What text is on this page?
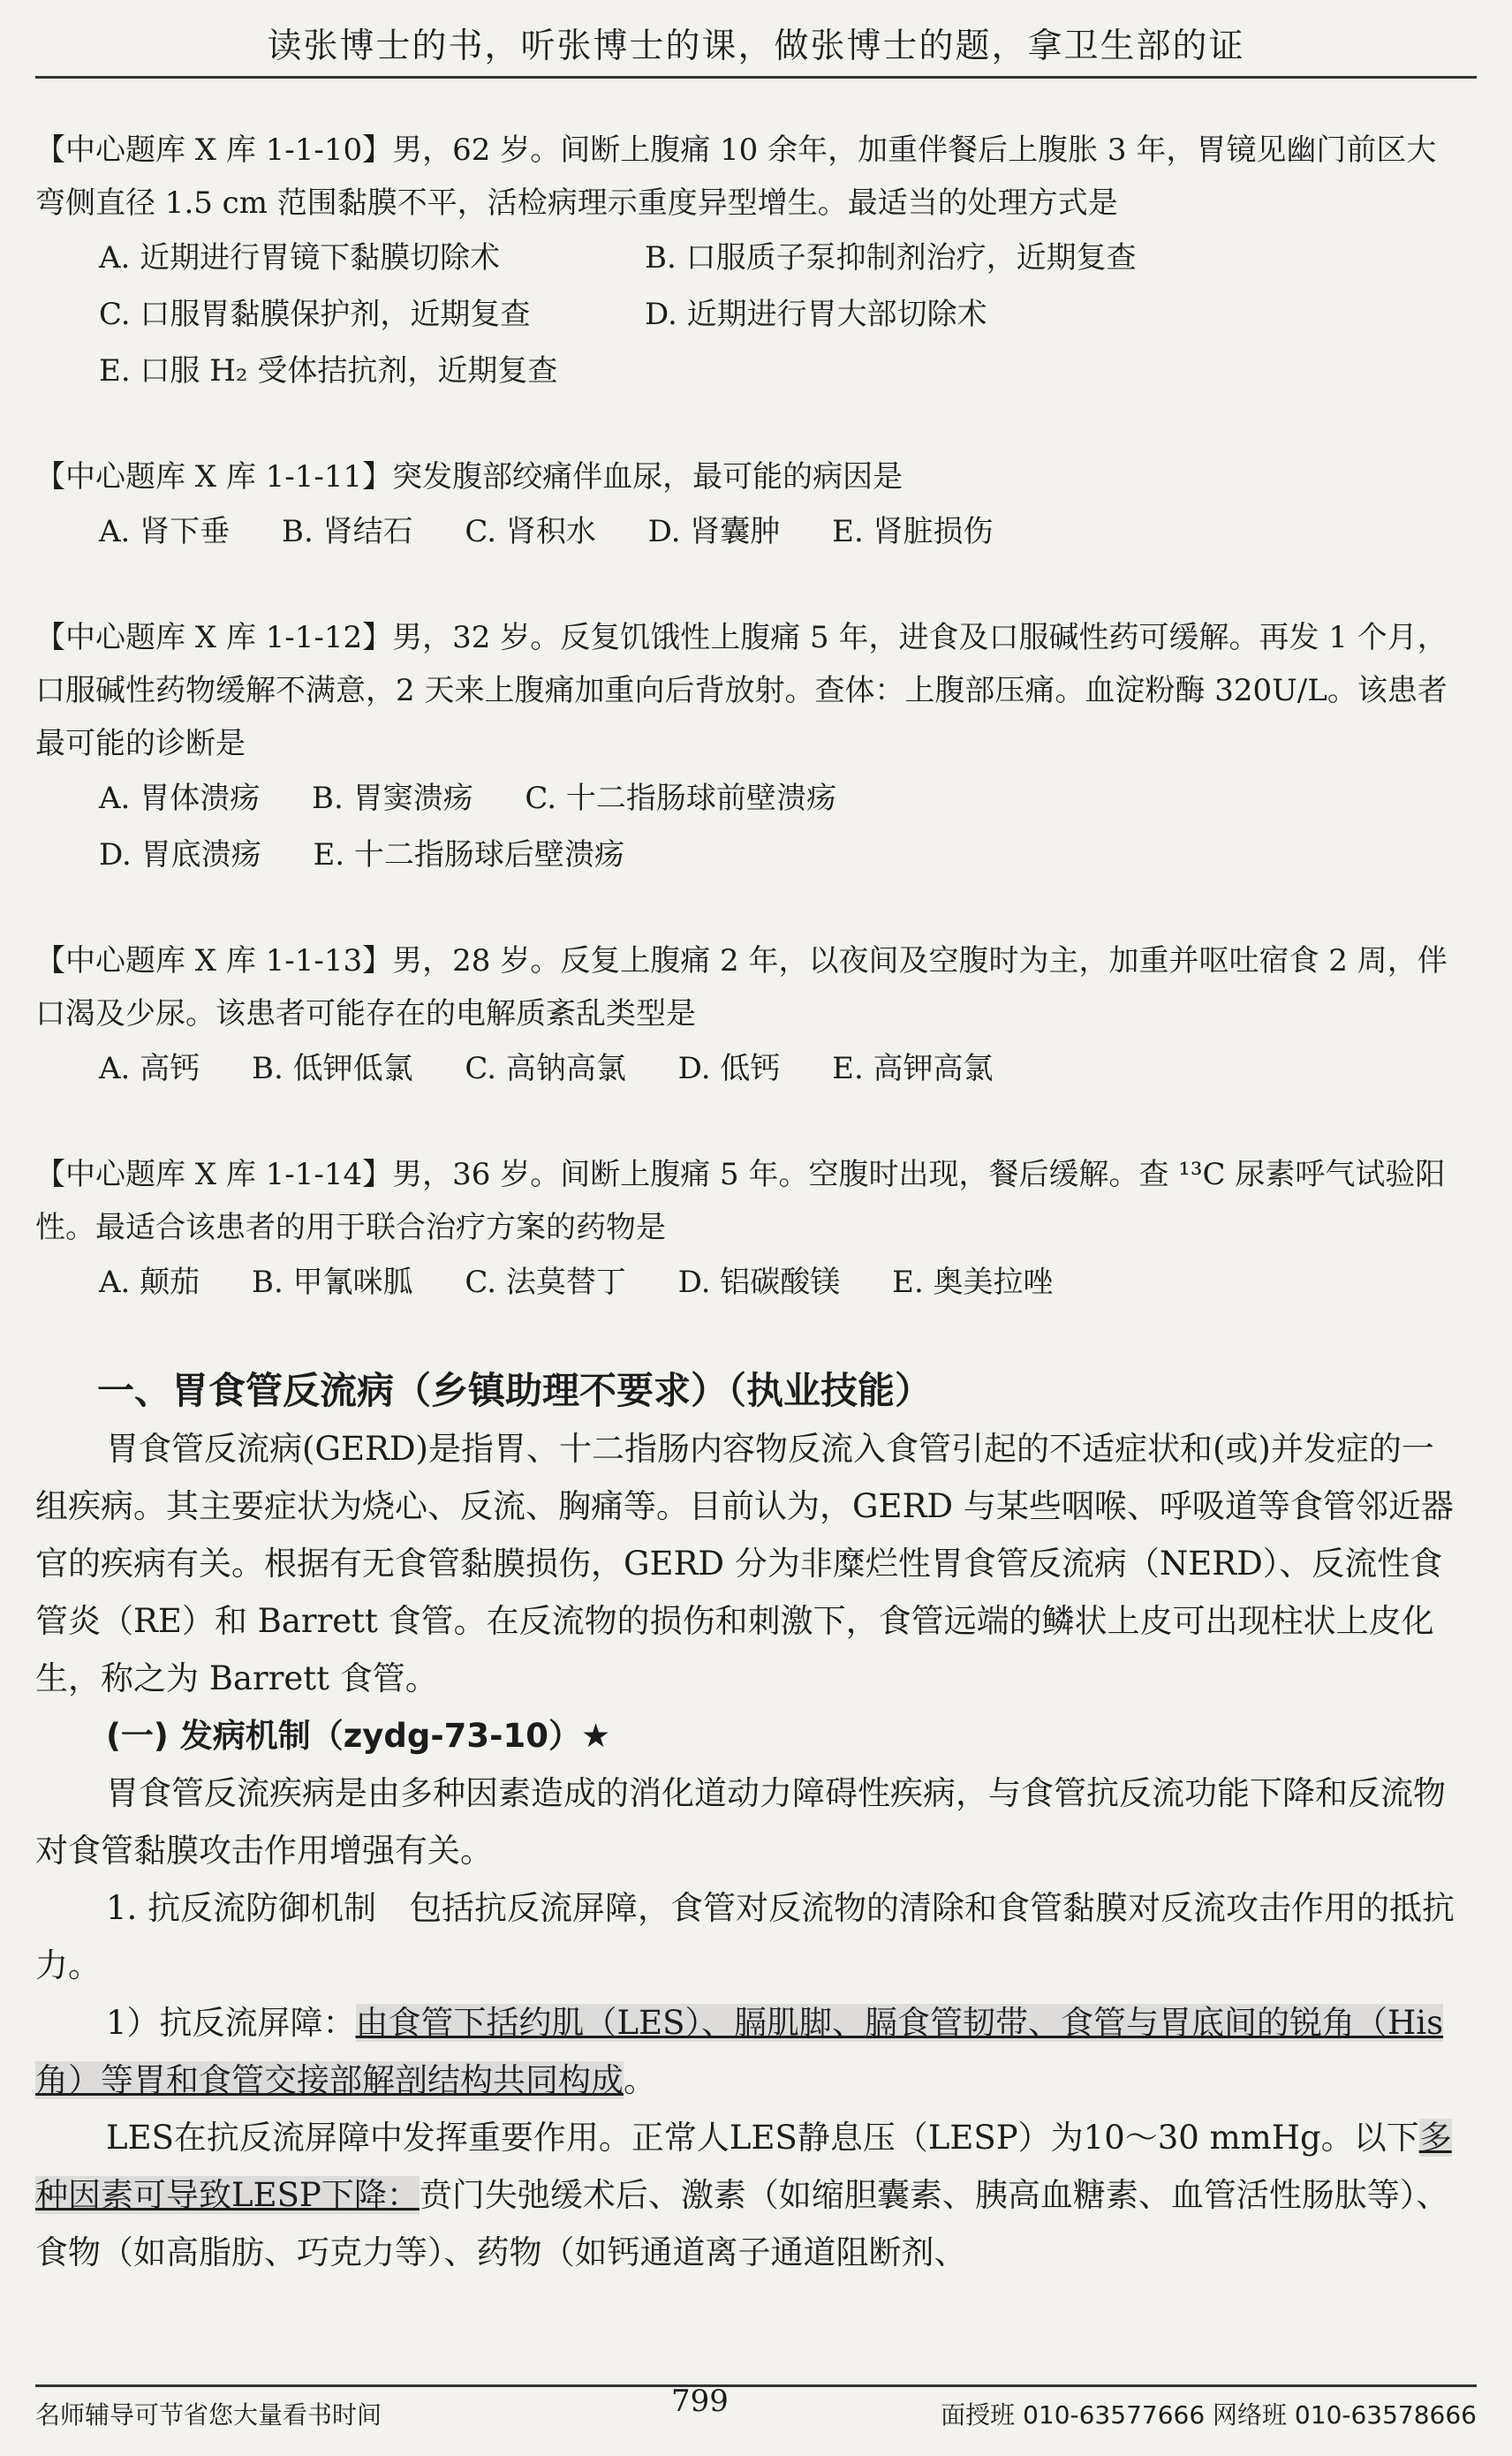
读张博士的书，听张博士的课，做张博士的题，拿卫生部的证
【中心题库 X 库 1-1-10】男，62 岁。间断上腹痛 10 余年，加重伴餐后上腹胀 3 年，胃镜见幽门前区大弯侧直径 1.5 cm 范围黏膜不平，活检病理示重度异型增生。最适当的处理方式是
A. 近期进行胃镜下黏膜切除术	B. 口服质子泵抑制剂治疗，近期复查
C. 口服胃黏膜保护剂，近期复查	D. 近期进行胃大部切除术
E. 口服 H₂ 受体拮抗剂，近期复查
【中心题库 X 库 1-1-11】突发腹部绞痛伴血尿，最可能的病因是
A. 肾下垂 B. 肾结石 C. 肾积水 D. 肾囊肿 E. 肾脏损伤
【中心题库 X 库 1-1-12】男，32 岁。反复饥饿性上腹痛 5 年，进食及口服碱性药可缓解。再发 1 个月，口服碱性药物缓解不满意，2 天来上腹痛加重向后背放射。查体：上腹部压痛。血淀粉酶 320U/L。该患者最可能的诊断是
A. 胃体溃疡 B. 胃窦溃疡 C. 十二指肠球前壁溃疡
D. 胃底溃疡 E. 十二指肠球后壁溃疡
【中心题库 X 库 1-1-13】男，28 岁。反复上腹痛 2 年，以夜间及空腹时为主，加重并呕吐宿食 2 周，伴口渴及少尿。该患者可能存在的电解质紊乱类型是
A. 高钙 B. 低钾低氯 C. 高钠高氯 D. 低钙 E. 高钾高氯
【中心题库 X 库 1-1-14】男，36 岁。间断上腹痛 5 年。空腹时出现，餐后缓解。查 ¹³C 尿素呼气试验阳性。最适合该患者的用于联合治疗方案的药物是
A. 颠茄 B. 甲氰咪胍 C. 法莫替丁 D. 铝碳酸镁 E. 奥美拉唑
一、胃食管反流病（乡镇助理不要求）（执业技能）

胃食管反流病(GERD)是指胃、十二指肠内容物反流入食管引起的不适症状和(或)并发症的一组疾病。其主要症状为烧心、反流、胸痛等。目前认为，GERD 与某些咽喉、呼吸道等食管邻近器官的疾病有关。根据有无食管黏膜损伤，GERD 分为非糜烂性胃食管反流病（NERD）、反流性食管炎（RE）和 Barrett 食管。在反流物的损伤和刺激下，食管远端的鳞状上皮可出现柱状上皮化生，称之为 Barrett 食管。

(一) 发病机制（zydg-73-10）★

胃食管反流疾病是由多种因素造成的消化道动力障碍性疾病，与食管抗反流功能下降和反流物对食管黏膜攻击作用增强有关。

1. 抗反流防御机制　包括抗反流屏障，食管对反流物的清除和食管黏膜对反流攻击作用的抵抗力。

1）抗反流屏障：由食管下括约肌（LES）、膈肌脚、膈食管韧带、食管与胃底间的锐角（His角）等胃和食管交接部解剖结构共同构成。

LES在抗反流屏障中发挥重要作用。正常人LES静息压（LESP）为10～30 mmHg。以下多种因素可导致LESP下降：贲门失弛缓术后、激素（如缩胆囊素、胰高血糖素、血管活性肠肽等）、食物（如高脂肪、巧克力等）、药物（如钙通道离子通道阻断剂、

名师辅导可节省您大量看书时间	799	面授班 010-63577666 网络班 010-63578666
